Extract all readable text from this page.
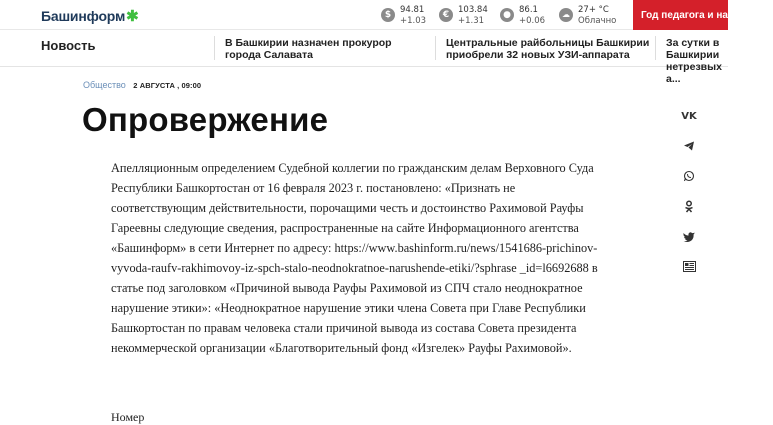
Башинформ✱	$	94.81
+1.03
€	103.84
+1.31
● 86.1
+0.06
☁ 27+ °C
Облачно	Год педагога и наставника
Новость	В Башкирии назначен прокурор города Салавата
Центральные райбольницы Башкирии приобрели 32 новых УЗИ-аппарата
За сутки в Башкирии нетрезвых а...
Общество 2 АВГУСТА , 09:00
Опровержение

Апелляционным определением Судебной коллегии по гражданским делам Верховного Суда Республики Башкортостан от 16 февраля 2023 г. постановлено: «Признать не соответствующим действительности, порочащими честь и достоинство Рахимовой Рауфы Гареевны следующие сведения, распространенные на сайте Информационного агентства «Башинформ» в сети Интернет по адресу: https://www.bashinform.ru/news/1541686-prichinov-vyvoda-raufv-rakhimovoy-iz-spch-stalo-neodnokratnoe-narushende-etiki/?sphrase _id=l6692688 в статье под заголовком «Причиной вывода Рауфы Рахимовой из СПЧ стало неоднократное нарушение этики»: «Неоднократное нарушение этики члена Совета при Главе Республики Башкортостан по правам человека стали причиной вывода из состава Совета президента некоммерческой организации «Благотворительный фонд «Изгелек» Рауфы Рахимовой».

Номер
VK
